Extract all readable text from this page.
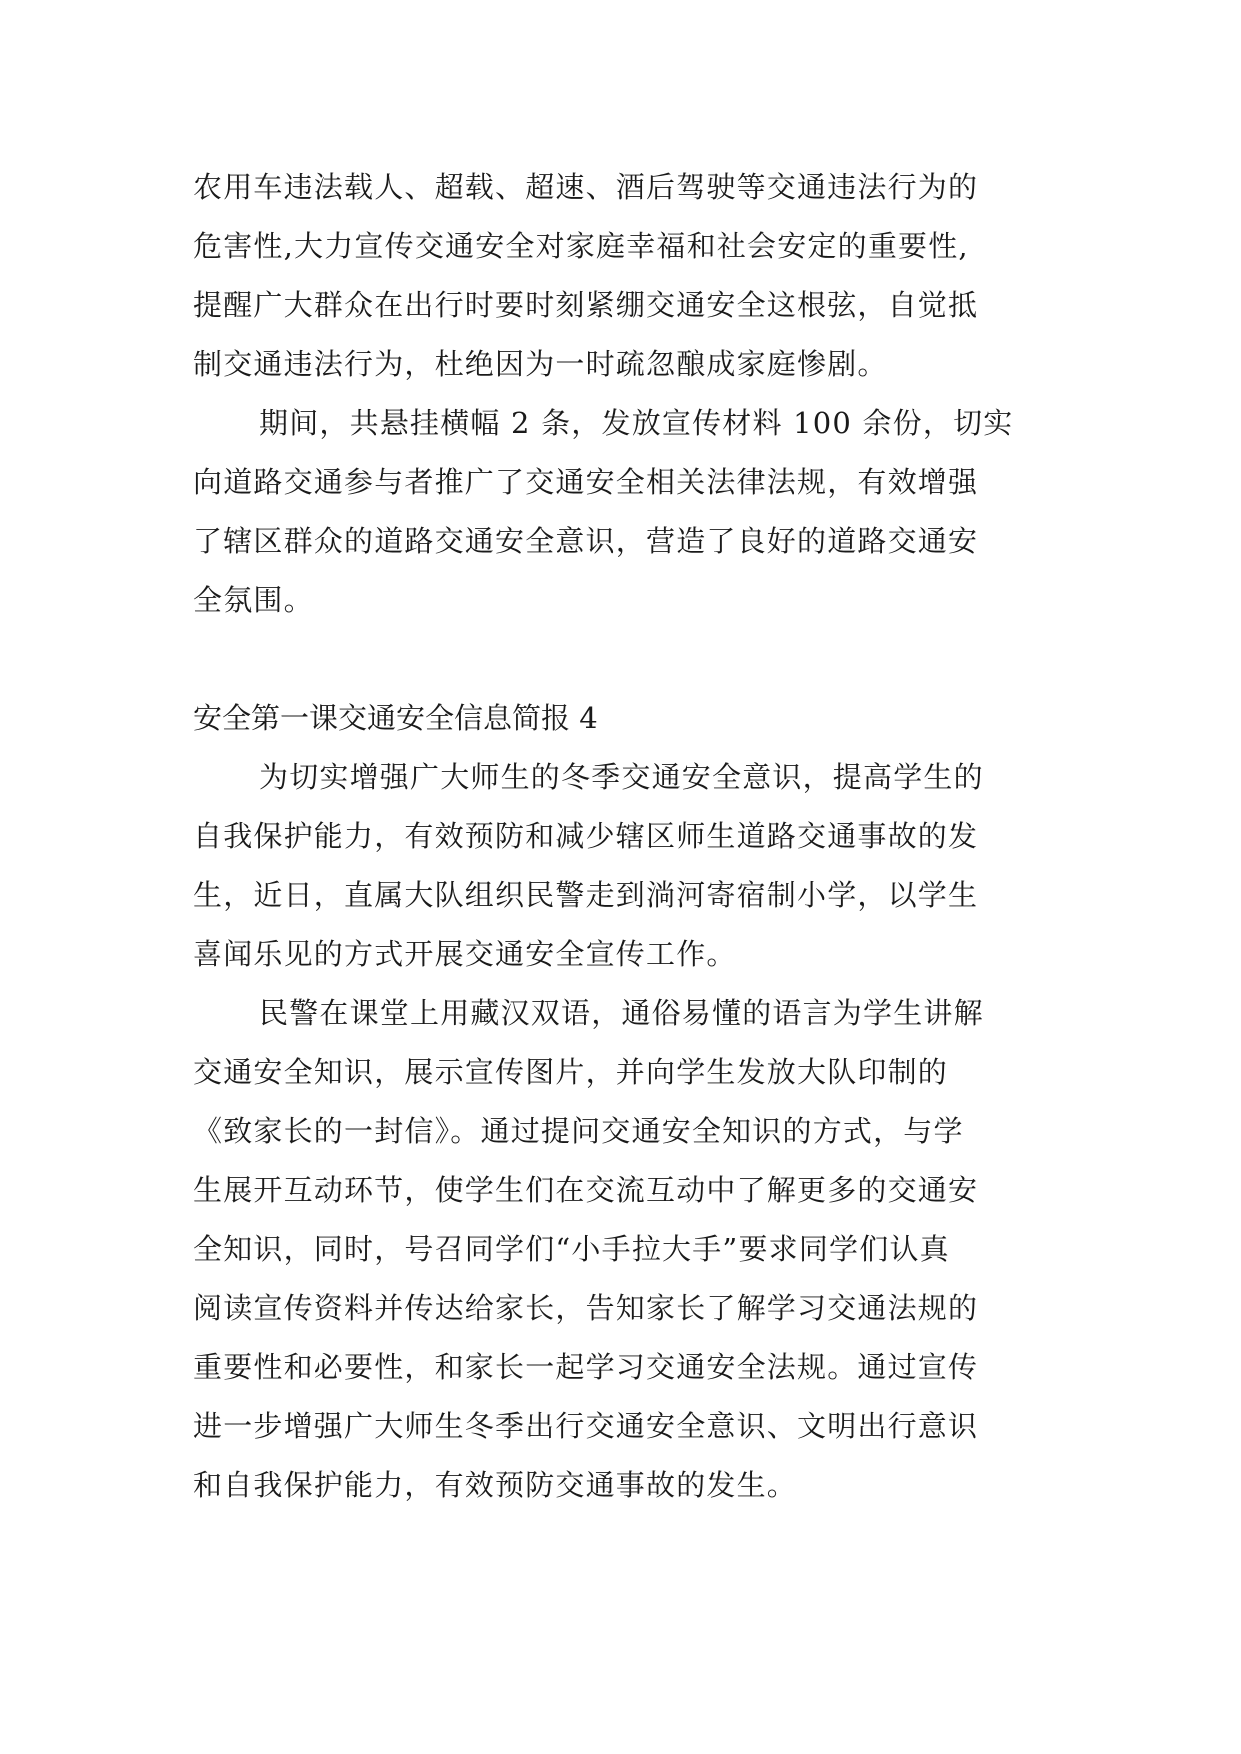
农用车违法载人、超载、超速、酒后驾驶等交通违法行为的
危害性,大力宣传交通安全对家庭幸福和社会安定的重要性,
提醒广大群众在出行时要时刻紧绷交通安全这根弦，自觉抵
制交通违法行为，杜绝因为一时疏忽酿成家庭惨剧。
期间，共悬挂横幅 2 条，发放宣传材料 100 余份，切实
向道路交通参与者推广了交通安全相关法律法规，有效增强
了辖区群众的道路交通安全意识，营造了良好的道路交通安
全氛围。
安全第一课交通安全信息简报 4
为切实增强广大师生的冬季交通安全意识，提高学生的
自我保护能力，有效预防和减少辖区师生道路交通事故的发
生，近日，直属大队组织民警走到淌河寄宿制小学，以学生
喜闻乐见的方式开展交通安全宣传工作。
民警在课堂上用藏汉双语，通俗易懂的语言为学生讲解
交通安全知识，展示宣传图片，并向学生发放大队印制的
《致家长的一封信》。通过提问交通安全知识的方式，与学
生展开互动环节，使学生们在交流互动中了解更多的交通安
全知识，同时，号召同学们“小手拉大手”要求同学们认真
阅读宣传资料并传达给家长，告知家长了解学习交通法规的
重要性和必要性，和家长一起学习交通安全法规。通过宣传
进一步增强广大师生冬季出行交通安全意识、文明出行意识
和自我保护能力，有效预防交通事故的发生。
